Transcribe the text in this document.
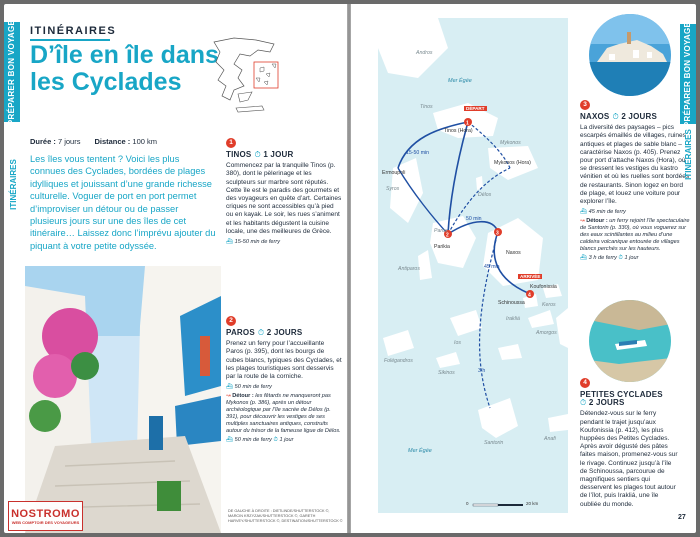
PRÉPARER BON VOYAGE
ITINÉRAIRES
ITINÉRAIRES
D’île en île dans les Cyclades
Durée : 7 jours Distance : 100 km
Les îles vous tentent ? Voici les plus connues des Cyclades, bordées de plages idylliques et jouissant d’une grande richesse culturelle. Voguer de port en port permet d’improviser un détour ou de passer plusieurs jours sur une des îles de cet itinéraire… Laissez donc l’imprévu ajouter du piquant à votre petite odyssée.
1
TINOS ⏱ 1 JOUR

Commencez par la tranquille Tinos (p. 380), dont le pèlerinage et les sculpteurs sur marbre sont réputés. Cette île est le paradis des gourmets et des voyageurs en quête d’art. Certaines criques ne sont accessibles qu’à pied ou en kayak. Le soir, les rues s’animent et les habitants dégustent la cuisine locale, une des meilleures de Grèce.

⛴ 15-50 min de ferry
2
PAROS ⏱ 2 JOURS

Prenez un ferry pour l’accueillante Paros (p. 395), dont les bourgs de cubes blancs, typiques des Cyclades, et les plages touristiques sont desservis par la route de la corniche.

⛴ 50 min de ferry
↝ Détour : les fêtards ne manqueront pas Mykonos (p. 386), après un détour archéologique par l’île sacrée de Délos (p. 391), pour découvrir les vestiges de ses multiples sanctuaires antiques, construits autour du trésor de la fameuse ligue de Délos.
⛴ 50 min de ferry ⏱ 1 jour
DE GAUCHE À DROITE : DIETLINDE/SHUTTERSTOCK ©, MARCIN KRZYZAK/SHUTTERSTOCK ©, GARETH HARVEY/SHUTTERSTOCK ©, DESTINATION/SHUTTERSTOCK ©
NOSTROMO
WEB COMPTOIR DES VOYAGEURS
1
2	3
4
Andros
Mer Égée
Tinos	DÉPART
Tinos (Hora)
Mykonos
Mykonos (Hora)
Délos
Ermoupoli
Syros
Paros
Parikia
Antiparos
Naxos
ARRIVÉE
Koufonissia
Schinoussa
Irakliá
Keros
Amorgos
Ios
Sikinos
Folégandros
Santorin
Anafi
Mer Égée
15-50 min
50 min
45 min
3 h
0	20 km
3
NAXOS ⏱ 2 JOURS

La diversité des paysages – pics escarpés émaillés de villages, ruines antiques et plages de sable blanc – caractérise Naxos (p. 405). Prenez pour port d’attache Naxos (Hora), où se dressent les vestiges du kastro vénitien et où les ruelles sont bordées de restaurants. Sinon logez en bord de plage, et louez une voiture pour explorer l’île.

⛴ 45 min de ferry
↝ Détour : un ferry rejoint l’île spectaculaire de Santorin (p. 330), où vous voguerez sur des eaux scintillantes au milieu d’une caldeira volcanique entourée de villages blancs perchés sur les hauteurs.
⛴ 3 h de ferry ⏱ 1 jour
4
PETITES CYCLADES
⏱ 2 JOURS

Détendez-vous sur le ferry pendant le trajet jusqu’aux Koufonissia (p. 412), les plus huppées des Petites Cyclades. Après avoir dégusté des pâtes faites maison, promenez-vous sur le rivage. Continuez jusqu’à l’île de Schinoussa, parcourue de magnifiques sentiers qui desservent les plages tout autour de l’îlot, puis Irakliá, une île oubliée du monde.

PRÉPARER BON VOYAGE
ITINÉRAIRES
27
